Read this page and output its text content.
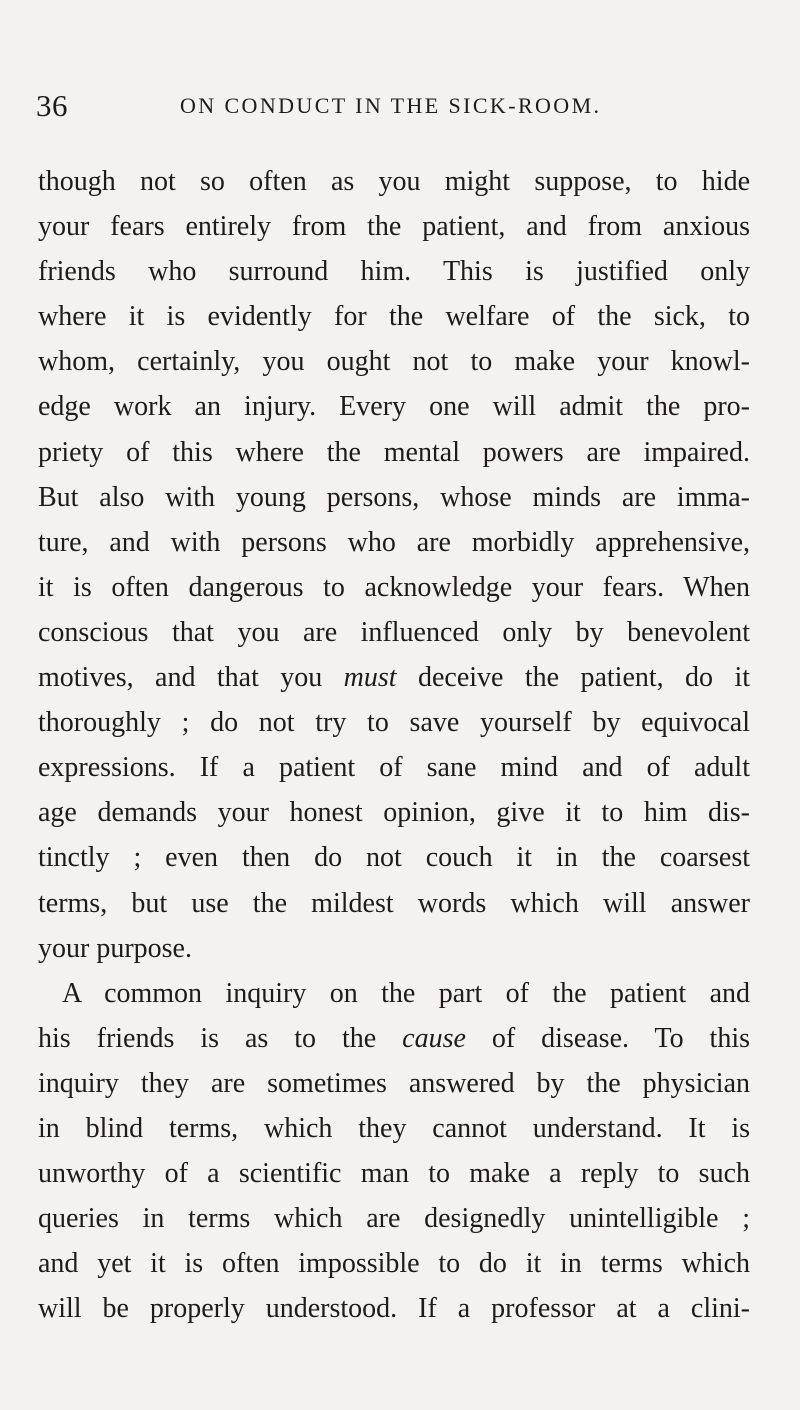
36	ON CONDUCT IN THE SICK-ROOM.
though not so often as you might suppose, to hide
your fears entirely from the patient, and from anxious
friends who surround him. This is justified only
where it is evidently for the welfare of the sick, to
whom, certainly, you ought not to make your knowl-
edge work an injury. Every one will admit the pro-
priety of this where the mental powers are impaired.
But also with young persons, whose minds are imma-
ture, and with persons who are morbidly apprehensive,
it is often dangerous to acknowledge your fears. When
conscious that you are influenced only by benevolent
motives, and that you must deceive the patient, do it
thoroughly ; do not try to save yourself by equivocal
expressions. If a patient of sane mind and of adult
age demands your honest opinion, give it to him dis-
tinctly ; even then do not couch it in the coarsest
terms, but use the mildest words which will answer
your purpose.
A common inquiry on the part of the patient and
his friends is as to the cause of disease. To this
inquiry they are sometimes answered by the physician
in blind terms, which they cannot understand. It is
unworthy of a scientific man to make a reply to such
queries in terms which are designedly unintelligible ;
and yet it is often impossible to do it in terms which
will be properly understood. If a professor at a clini-
